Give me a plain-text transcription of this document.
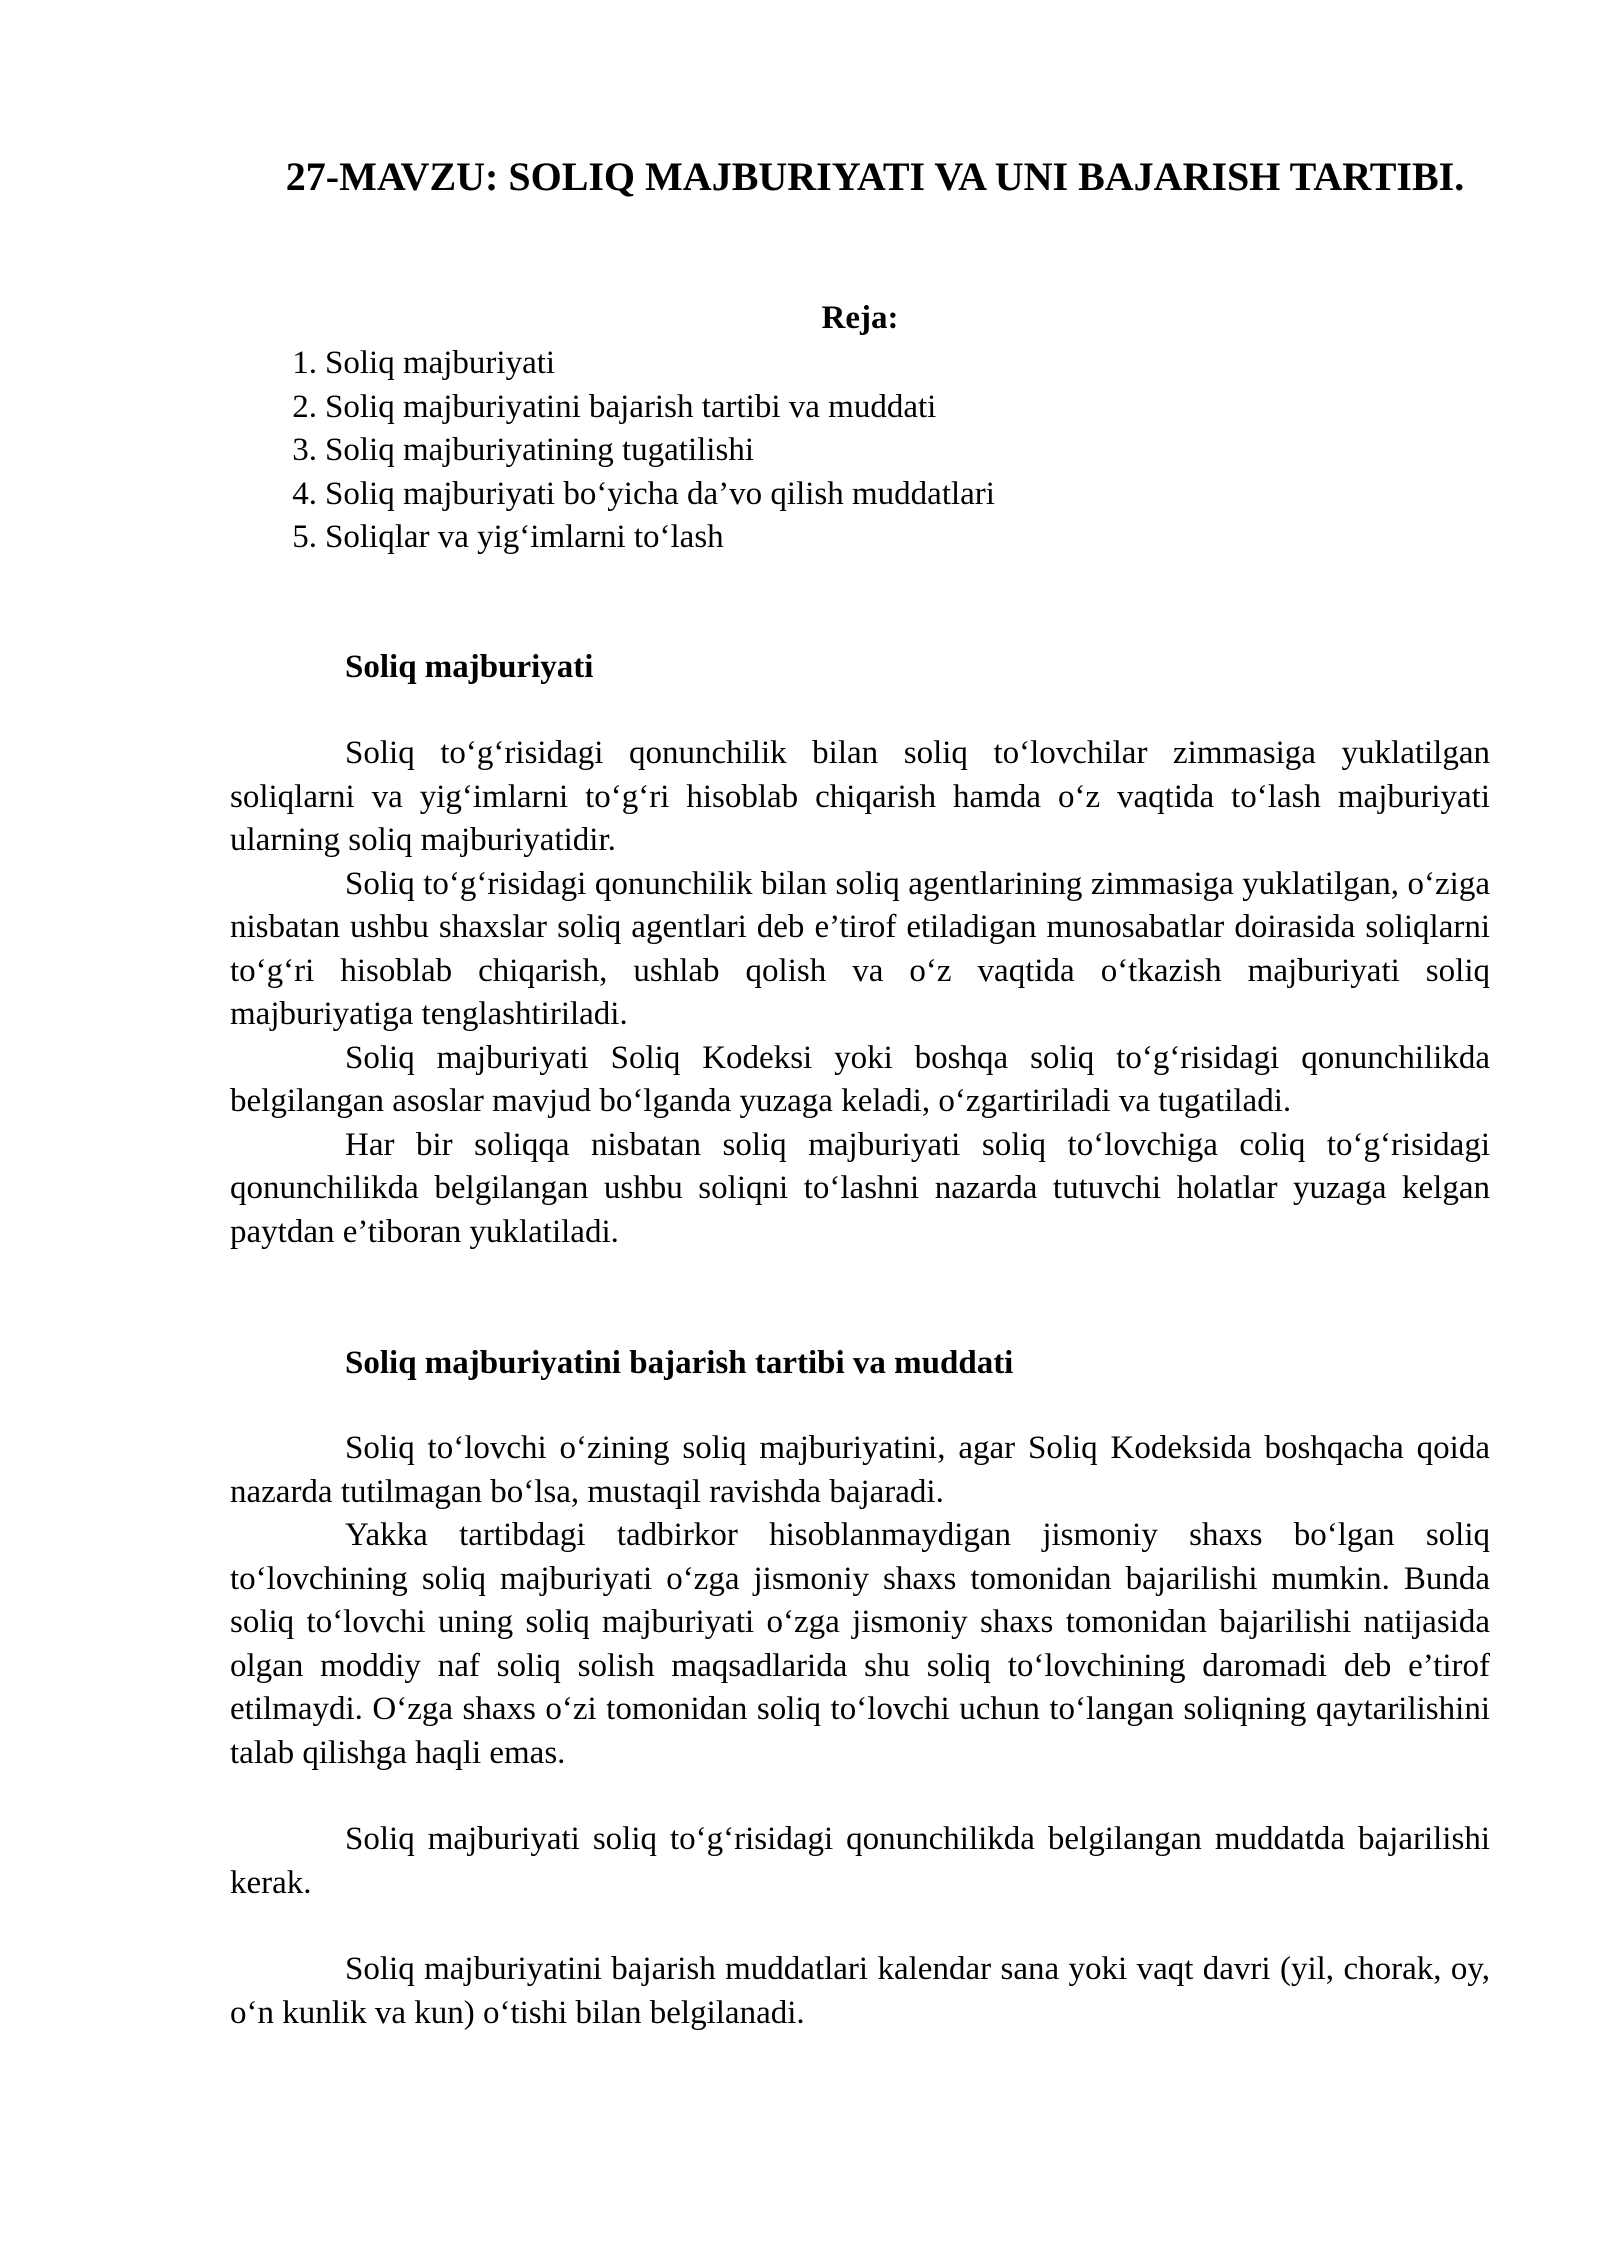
27-MAVZU: SOLIQ MAJBURIYATI VA UNI BAJARISH TARTIBI.
Reja:
1. Soliq majburiyati
2. Soliq majburiyatini bajarish tartibi va muddati
3. Soliq majburiyatining tugatilishi
4. Soliq majburiyati bo‘yicha da’vo qilish muddatlari
5. Soliqlar va yig‘imlarni to‘lash
Soliq majburiyati

Soliq to‘g‘risidagi qonunchilik bilan soliq to‘lovchilar zimmasiga yuklatilgan soliqlarni va yig‘imlarni to‘g‘ri hisoblab chiqarish hamda o‘z vaqtida to‘lash majburiyati ularning soliq majburiyatidir.

Soliq to‘g‘risidagi qonunchilik bilan soliq agentlarining zimmasiga yuklatilgan, o‘ziga nisbatan ushbu shaxslar soliq agentlari deb e’tirof etiladigan munosabatlar doirasida soliqlarni to‘g‘ri hisoblab chiqarish, ushlab qolish va o‘z vaqtida o‘tkazish majburiyati soliq majburiyatiga tenglashtiriladi.

Soliq majburiyati Soliq Kodeksi yoki boshqa soliq to‘g‘risidagi qonunchilikda belgilangan asoslar mavjud bo‘lganda yuzaga keladi, o‘zgartiriladi va tugatiladi.

Har bir soliqqa nisbatan soliq majburiyati soliq to‘lovchiga coliq to‘g‘risidagi qonunchilikda belgilangan ushbu soliqni to‘lashni nazarda tutuvchi holatlar yuzaga kelgan paytdan e’tiboran yuklatiladi.

Soliq majburiyatini bajarish tartibi va muddati

Soliq to‘lovchi o‘zining soliq majburiyatini, agar Soliq Kodeksida boshqacha qoida nazarda tutilmagan bo‘lsa, mustaqil ravishda bajaradi.

Yakka tartibdagi tadbirkor hisoblanmaydigan jismoniy shaxs bo‘lgan soliq to‘lovchining soliq majburiyati o‘zga jismoniy shaxs tomonidan bajarilishi mumkin. Bunda soliq to‘lovchi uning soliq majburiyati o‘zga jismoniy shaxs tomonidan bajarilishi natijasida olgan moddiy naf soliq solish maqsadlarida shu soliq to‘lovchining daromadi deb e’tirof etilmaydi. O‘zga shaxs o‘zi tomonidan soliq to‘lovchi uchun to‘langan soliqning qaytarilishini talab qilishga haqli emas.

Soliq majburiyati soliq to‘g‘risidagi qonunchilikda belgilangan muddatda bajarilishi kerak.

Soliq majburiyatini bajarish muddatlari kalendar sana yoki vaqt davri (yil, chorak, oy, o‘n kunlik va kun) o‘tishi bilan belgilanadi.
